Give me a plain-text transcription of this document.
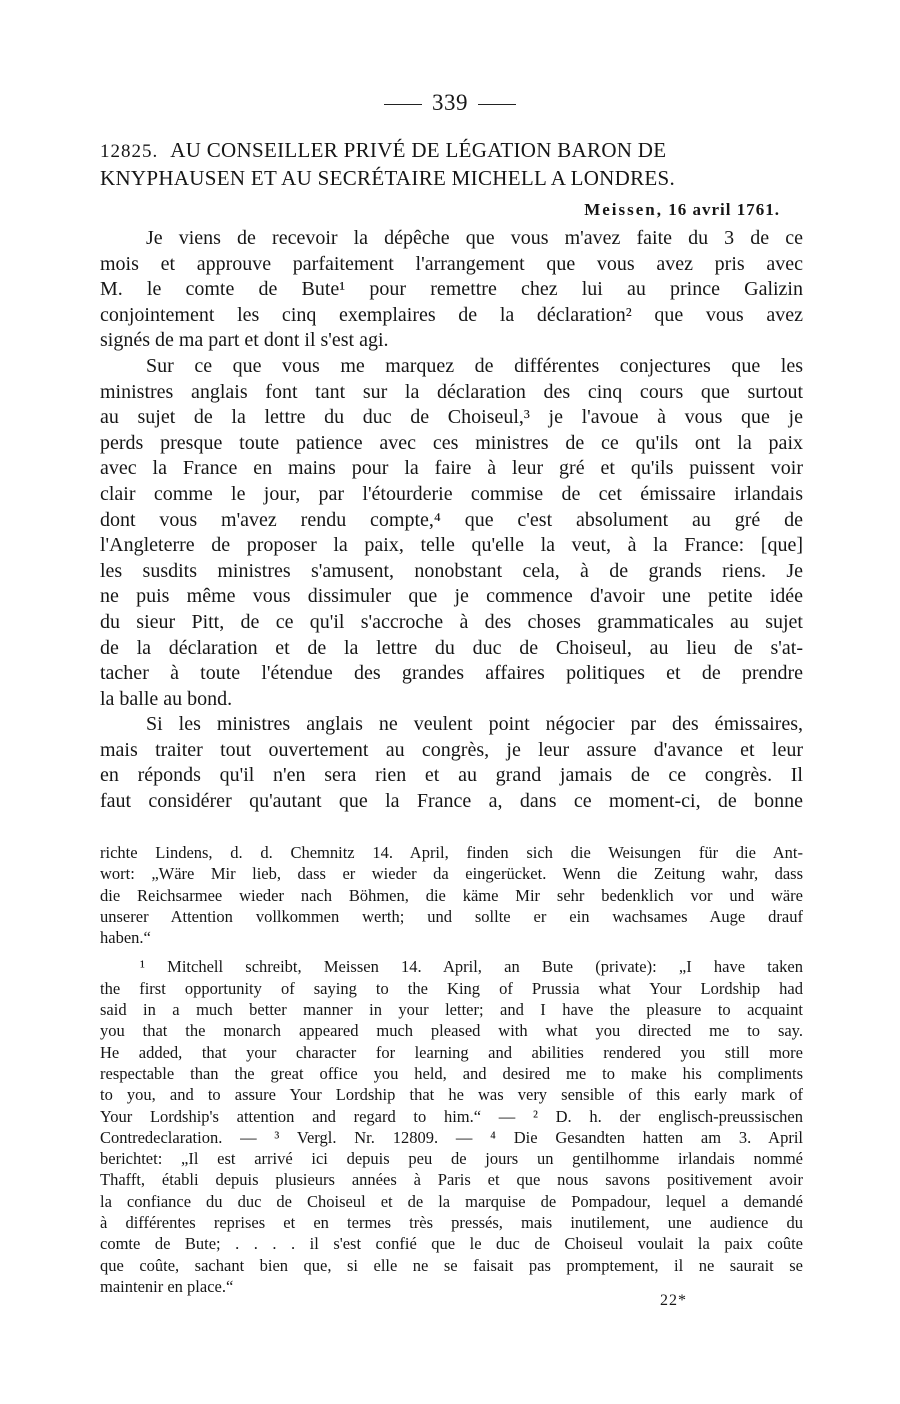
339
12825. AU CONSEILLER PRIVÉ DE LÉGATION BARON DE
KNYPHAUSEN ET AU SECRÉTAIRE MICHELL A LONDRES.
Meissen, 16 avril 1761.
Je viens de recevoir la dépêche que vous m'avez faite du 3 de ce
mois et approuve parfaitement l'arrangement que vous avez pris avec
M. le comte de Bute¹ pour remettre chez lui au prince Galizin
conjointement les cinq exemplaires de la déclaration² que vous avez
signés de ma part et dont il s'est agi.
Sur ce que vous me marquez de différentes conjectures que les
ministres anglais font tant sur la déclaration des cinq cours que surtout
au sujet de la lettre du duc de Choiseul,³ je l'avoue à vous que je
perds presque toute patience avec ces ministres de ce qu'ils ont la paix
avec la France en mains pour la faire à leur gré et qu'ils puissent voir
clair comme le jour, par l'étourderie commise de cet émissaire irlandais
dont vous m'avez rendu compte,⁴ que c'est absolument au gré de
l'Angleterre de proposer la paix, telle qu'elle la veut, à la France: [que]
les susdits ministres s'amusent, nonobstant cela, à de grands riens. Je
ne puis même vous dissimuler que je commence d'avoir une petite idée
du sieur Pitt, de ce qu'il s'accroche à des choses grammaticales au sujet
de la déclaration et de la lettre du duc de Choiseul, au lieu de s'at-
tacher à toute l'étendue des grandes affaires politiques et de prendre
la balle au bond.
Si les ministres anglais ne veulent point négocier par des émissaires,
mais traiter tout ouvertement au congrès, je leur assure d'avance et leur
en réponds qu'il n'en sera rien et au grand jamais de ce congrès. Il
faut considérer qu'autant que la France a, dans ce moment-ci, de bonne
richte Lindens, d. d. Chemnitz 14. April, finden sich die Weisungen für die Ant-
wort: „Wäre Mir lieb, dass er wieder da eingerücket. Wenn die Zeitung wahr, dass
die Reichsarmee wieder nach Böhmen, die käme Mir sehr bedenklich vor und wäre
unserer Attention vollkommen werth; und sollte er ein wachsames Auge drauf
haben.“
¹ Mitchell schreibt, Meissen 14. April, an Bute (private): „I have taken
the first opportunity of saying to the King of Prussia what Your Lordship had
said in a much better manner in your letter; and I have the pleasure to acquaint
you that the monarch appeared much pleased with what you directed me to say.
He added, that your character for learning and abilities rendered you still more
respectable than the great office you held, and desired me to make his compliments
to you, and to assure Your Lordship that he was very sensible of this early mark of
Your Lordship's attention and regard to him.“ — ² D. h. der englisch-preussischen
Contredeclaration. — ³ Vergl. Nr. 12809. — ⁴ Die Gesandten hatten am 3. April
berichtet: „Il est arrivé ici depuis peu de jours un gentilhomme irlandais nommé
Thafft, établi depuis plusieurs années à Paris et que nous savons positivement avoir
la confiance du duc de Choiseul et de la marquise de Pompadour, lequel a demandé
à différentes reprises et en termes très pressés, mais inutilement, une audience du
comte de Bute; . . . . il s'est confié que le duc de Choiseul voulait la paix coûte
que coûte, sachant bien que, si elle ne se faisait pas promptement, il ne saurait se
maintenir en place.“
22*
